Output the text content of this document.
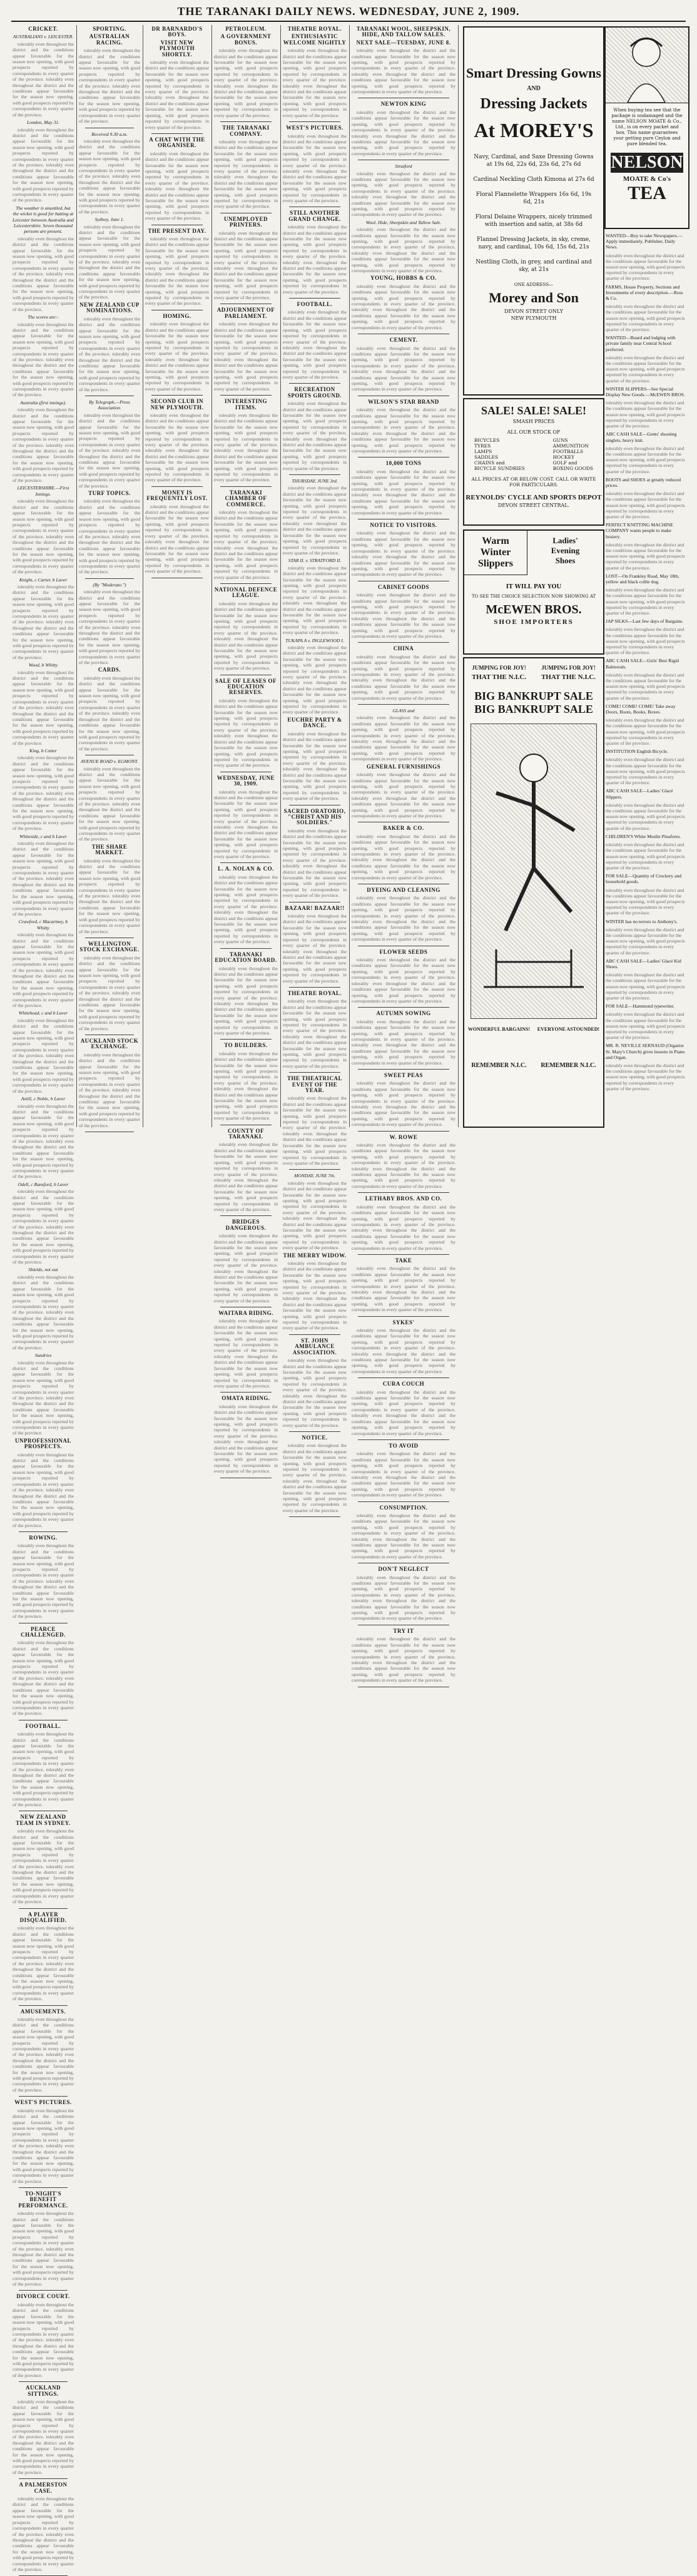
THE TARANAKI DAILY NEWS. WEDNESDAY, JUNE 2, 1909.
CRICKET.
AUSTRALIANS v. LEICESTER.

tolerably even throughout the district and the conditions appear favourable for the season now opening, with good prospects reported by correspondents in every quarter of the province. tolerably even throughout the district and the conditions appear favourable for the season now opening, with good prospects reported by correspondents in every quarter of the province.

London, May 31.

tolerably even throughout the district and the conditions appear favourable for the season now opening, with good prospects reported by correspondents in every quarter of the province. tolerably even throughout the district and the conditions appear favourable for the season now opening, with good prospects reported by correspondents in every quarter of the province.

The weather is unsettled, but the wicket is good for batting at Leicester between Australia and Leicestershire. Seven thousand persons are present.

tolerably even throughout the district and the conditions appear favourable for the season now opening, with good prospects reported by correspondents in every quarter of the province. tolerably even throughout the district and the conditions appear favourable for the season now opening, with good prospects reported by correspondents in every quarter of the province.

The scores are:-

tolerably even throughout the district and the conditions appear favourable for the season now opening, with good prospects reported by correspondents in every quarter of the province. tolerably even throughout the district and the conditions appear favourable for the season now opening, with good prospects reported by correspondents in every quarter of the province.

Australia (first innings).

tolerably even throughout the district and the conditions appear favourable for the season now opening, with good prospects reported by correspondents in every quarter of the province. tolerably even throughout the district and the conditions appear favourable for the season now opening, with good prospects reported by correspondents in every quarter of the province.

LEICESTERSHIRE.—First Innings.

tolerably even throughout the district and the conditions appear favourable for the season now opening, with good prospects reported by correspondents in every quarter of the province. tolerably even throughout the district and the conditions appear favourable for the season now opening, with good prospects reported by correspondents in every quarter of the province.

Knight, c Carter, b Laver

tolerably even throughout the district and the conditions appear favourable for the season now opening, with good prospects reported by correspondents in every quarter of the province. tolerably even throughout the district and the conditions appear favourable for the season now opening, with good prospects reported by correspondents in every quarter of the province.

Wood, b Whitty

tolerably even throughout the district and the conditions appear favourable for the season now opening, with good prospects reported by correspondents in every quarter of the province. tolerably even throughout the district and the conditions appear favourable for the season now opening, with good prospects reported by correspondents in every quarter of the province.

King, b Cotter

tolerably even throughout the district and the conditions appear favourable for the season now opening, with good prospects reported by correspondents in every quarter of the province. tolerably even throughout the district and the conditions appear favourable for the season now opening, with good prospects reported by correspondents in every quarter of the province.

Whiteside, c and b Laver

tolerably even throughout the district and the conditions appear favourable for the season now opening, with good prospects reported by correspondents in every quarter of the province. tolerably even throughout the district and the conditions appear favourable for the season now opening, with good prospects reported by correspondents in every quarter of the province.

Crawford, c Macartney, b Whitty

tolerably even throughout the district and the conditions appear favourable for the season now opening, with good prospects reported by correspondents in every quarter of the province. tolerably even throughout the district and the conditions appear favourable for the season now opening, with good prospects reported by correspondents in every quarter of the province.

Whitehead, c and b Laver

tolerably even throughout the district and the conditions appear favourable for the season now opening, with good prospects reported by correspondents in every quarter of the province. tolerably even throughout the district and the conditions appear favourable for the season now opening, with good prospects reported by correspondents in every quarter of the province.

Astill, c Noble, b Laver

tolerably even throughout the district and the conditions appear favourable for the season now opening, with good prospects reported by correspondents in every quarter of the province. tolerably even throughout the district and the conditions appear favourable for the season now opening, with good prospects reported by correspondents in every quarter of the province.

Odell, c Ransford, b Laver

tolerably even throughout the district and the conditions appear favourable for the season now opening, with good prospects reported by correspondents in every quarter of the province. tolerably even throughout the district and the conditions appear favourable for the season now opening, with good prospects reported by correspondents in every quarter of the province.

Shields, not out

tolerably even throughout the district and the conditions appear favourable for the season now opening, with good prospects reported by correspondents in every quarter of the province. tolerably even throughout the district and the conditions appear favourable for the season now opening, with good prospects reported by correspondents in every quarter of the province.

Sundries

tolerably even throughout the district and the conditions appear favourable for the season now opening, with good prospects reported by correspondents in every quarter of the province. tolerably even throughout the district and the conditions appear favourable for the season now opening, with good prospects reported by correspondents in every quarter of the province.

UNPROFESSIONAL PROSPECTS.

tolerably even throughout the district and the conditions appear favourable for the season now opening, with good prospects reported by correspondents in every quarter of the province. tolerably even throughout the district and the conditions appear favourable for the season now opening, with good prospects reported by correspondents in every quarter of the province.

ROWING.

tolerably even throughout the district and the conditions appear favourable for the season now opening, with good prospects reported by correspondents in every quarter of the province. tolerably even throughout the district and the conditions appear favourable for the season now opening, with good prospects reported by correspondents in every quarter of the province.

PEARCE CHALLENGED.

tolerably even throughout the district and the conditions appear favourable for the season now opening, with good prospects reported by correspondents in every quarter of the province. tolerably even throughout the district and the conditions appear favourable for the season now opening, with good prospects reported by correspondents in every quarter of the province.

FOOTBALL.

tolerably even throughout the district and the conditions appear favourable for the season now opening, with good prospects reported by correspondents in every quarter of the province. tolerably even throughout the district and the conditions appear favourable for the season now opening, with good prospects reported by correspondents in every quarter of the province.

NEW ZEALAND TEAM IN SYDNEY.

tolerably even throughout the district and the conditions appear favourable for the season now opening, with good prospects reported by correspondents in every quarter of the province. tolerably even throughout the district and the conditions appear favourable for the season now opening, with good prospects reported by correspondents in every quarter of the province.

A PLAYER DISQUALIFIED.

tolerably even throughout the district and the conditions appear favourable for the season now opening, with good prospects reported by correspondents in every quarter of the province. tolerably even throughout the district and the conditions appear favourable for the season now opening, with good prospects reported by correspondents in every quarter of the province.

AMUSEMENTS.

tolerably even throughout the district and the conditions appear favourable for the season now opening, with good prospects reported by correspondents in every quarter of the province. tolerably even throughout the district and the conditions appear favourable for the season now opening, with good prospects reported by correspondents in every quarter of the province.

WEST'S PICTURES.

tolerably even throughout the district and the conditions appear favourable for the season now opening, with good prospects reported by correspondents in every quarter of the province. tolerably even throughout the district and the conditions appear favourable for the season now opening, with good prospects reported by correspondents in every quarter of the province.

TO-NIGHT'S BENEFIT PERFORMANCE.

tolerably even throughout the district and the conditions appear favourable for the season now opening, with good prospects reported by correspondents in every quarter of the province. tolerably even throughout the district and the conditions appear favourable for the season now opening, with good prospects reported by correspondents in every quarter of the province.

DIVORCE COURT.

tolerably even throughout the district and the conditions appear favourable for the season now opening, with good prospects reported by correspondents in every quarter of the province. tolerably even throughout the district and the conditions appear favourable for the season now opening, with good prospects reported by correspondents in every quarter of the province.

AUCKLAND SITTINGS.

tolerably even throughout the district and the conditions appear favourable for the season now opening, with good prospects reported by correspondents in every quarter of the province. tolerably even throughout the district and the conditions appear favourable for the season now opening, with good prospects reported by correspondents in every quarter of the province.

A PALMERSTON CASE.

tolerably even throughout the district and the conditions appear favourable for the season now opening, with good prospects reported by correspondents in every quarter of the province. tolerably even throughout the district and the conditions appear favourable for the season now opening, with good prospects reported by correspondents in every quarter of the province.

SPORTING.
AUSTRALIAN RACING.

tolerably even throughout the district and the conditions appear favourable for the season now opening, with good prospects reported by correspondents in every quarter of the province. tolerably even throughout the district and the conditions appear favourable for the season now opening, with good prospects reported by correspondents in every quarter of the province.

Received 9.30 a.m.

tolerably even throughout the district and the conditions appear favourable for the season now opening, with good prospects reported by correspondents in every quarter of the province. tolerably even throughout the district and the conditions appear favourable for the season now opening, with good prospects reported by correspondents in every quarter of the province.

Sydney, June 1.

tolerably even throughout the district and the conditions appear favourable for the season now opening, with good prospects reported by correspondents in every quarter of the province. tolerably even throughout the district and the conditions appear favourable for the season now opening, with good prospects reported by correspondents in every quarter of the province.

NEW ZEALAND CUP NOMINATIONS.

tolerably even throughout the district and the conditions appear favourable for the season now opening, with good prospects reported by correspondents in every quarter of the province. tolerably even throughout the district and the conditions appear favourable for the season now opening, with good prospects reported by correspondents in every quarter of the province.

By Telegraph.—Press Association.

tolerably even throughout the district and the conditions appear favourable for the season now opening, with good prospects reported by correspondents in every quarter of the province. tolerably even throughout the district and the conditions appear favourable for the season now opening, with good prospects reported by correspondents in every quarter of the province.

TURF TOPICS.

tolerably even throughout the district and the conditions appear favourable for the season now opening, with good prospects reported by correspondents in every quarter of the province. tolerably even throughout the district and the conditions appear favourable for the season now opening, with good prospects reported by correspondents in every quarter of the province.

(By "Moderato.")

tolerably even throughout the district and the conditions appear favourable for the season now opening, with good prospects reported by correspondents in every quarter of the province. tolerably even throughout the district and the conditions appear favourable for the season now opening, with good prospects reported by correspondents in every quarter of the province.

CARDS.

tolerably even throughout the district and the conditions appear favourable for the season now opening, with good prospects reported by correspondents in every quarter of the province. tolerably even throughout the district and the conditions appear favourable for the season now opening, with good prospects reported by correspondents in every quarter of the province.

AVENUE ROAD v. EGMONT.

tolerably even throughout the district and the conditions appear favourable for the season now opening, with good prospects reported by correspondents in every quarter of the province. tolerably even throughout the district and the conditions appear favourable for the season now opening, with good prospects reported by correspondents in every quarter of the province.

THE SHARE MARKET.

tolerably even throughout the district and the conditions appear favourable for the season now opening, with good prospects reported by correspondents in every quarter of the province. tolerably even throughout the district and the conditions appear favourable for the season now opening, with good prospects reported by correspondents in every quarter of the province.

WELLINGTON STOCK EXCHANGE.

tolerably even throughout the district and the conditions appear favourable for the season now opening, with good prospects reported by correspondents in every quarter of the province. tolerably even throughout the district and the conditions appear favourable for the season now opening, with good prospects reported by correspondents in every quarter of the province.

AUCKLAND STOCK EXCHANGE.

tolerably even throughout the district and the conditions appear favourable for the season now opening, with good prospects reported by correspondents in every quarter of the province. tolerably even throughout the district and the conditions appear favourable for the season now opening, with good prospects reported by correspondents in every quarter of the province.

DR BARNARDO'S BOYS.
VISIT NEW PLYMOUTH SHORTLY.

tolerably even throughout the district and the conditions appear favourable for the season now opening, with good prospects reported by correspondents in every quarter of the province. tolerably even throughout the district and the conditions appear favourable for the season now opening, with good prospects reported by correspondents in every quarter of the province.

A CHAT WITH THE ORGANISER.

tolerably even throughout the district and the conditions appear favourable for the season now opening, with good prospects reported by correspondents in every quarter of the province. tolerably even throughout the district and the conditions appear favourable for the season now opening, with good prospects reported by correspondents in every quarter of the province.

THE PRESENT DAY.

tolerably even throughout the district and the conditions appear favourable for the season now opening, with good prospects reported by correspondents in every quarter of the province. tolerably even throughout the district and the conditions appear favourable for the season now opening, with good prospects reported by correspondents in every quarter of the province.

HOMING.

tolerably even throughout the district and the conditions appear favourable for the season now opening, with good prospects reported by correspondents in every quarter of the province. tolerably even throughout the district and the conditions appear favourable for the season now opening, with good prospects reported by correspondents in every quarter of the province.

SECOND CLUB IN NEW PLYMOUTH.

tolerably even throughout the district and the conditions appear favourable for the season now opening, with good prospects reported by correspondents in every quarter of the province. tolerably even throughout the district and the conditions appear favourable for the season now opening, with good prospects reported by correspondents in every quarter of the province.

MONEY IS FREQUENTLY LOST.

tolerably even throughout the district and the conditions appear favourable for the season now opening, with good prospects reported by correspondents in every quarter of the province. tolerably even throughout the district and the conditions appear favourable for the season now opening, with good prospects reported by correspondents in every quarter of the province.

PETROLEUM.
A GOVERNMENT BONUS.

tolerably even throughout the district and the conditions appear favourable for the season now opening, with good prospects reported by correspondents in every quarter of the province. tolerably even throughout the district and the conditions appear favourable for the season now opening, with good prospects reported by correspondents in every quarter of the province.

THE TARANAKI COMPANY.

tolerably even throughout the district and the conditions appear favourable for the season now opening, with good prospects reported by correspondents in every quarter of the province. tolerably even throughout the district and the conditions appear favourable for the season now opening, with good prospects reported by correspondents in every quarter of the province.

UNEMPLOYED PRINTERS.

tolerably even throughout the district and the conditions appear favourable for the season now opening, with good prospects reported by correspondents in every quarter of the province. tolerably even throughout the district and the conditions appear favourable for the season now opening, with good prospects reported by correspondents in every quarter of the province.

ADJOURNMENT OF PARLIAMENT.

tolerably even throughout the district and the conditions appear favourable for the season now opening, with good prospects reported by correspondents in every quarter of the province. tolerably even throughout the district and the conditions appear favourable for the season now opening, with good prospects reported by correspondents in every quarter of the province.

INTERESTING ITEMS.

tolerably even throughout the district and the conditions appear favourable for the season now opening, with good prospects reported by correspondents in every quarter of the province. tolerably even throughout the district and the conditions appear favourable for the season now opening, with good prospects reported by correspondents in every quarter of the province.

TARANAKI CHAMBER OF COMMERCE.

tolerably even throughout the district and the conditions appear favourable for the season now opening, with good prospects reported by correspondents in every quarter of the province. tolerably even throughout the district and the conditions appear favourable for the season now opening, with good prospects reported by correspondents in every quarter of the province.

NATIONAL DEFENCE LEAGUE.

tolerably even throughout the district and the conditions appear favourable for the season now opening, with good prospects reported by correspondents in every quarter of the province. tolerably even throughout the district and the conditions appear favourable for the season now opening, with good prospects reported by correspondents in every quarter of the province.

SALE OF LEASES OF EDUCATION RESERVES.

tolerably even throughout the district and the conditions appear favourable for the season now opening, with good prospects reported by correspondents in every quarter of the province. tolerably even throughout the district and the conditions appear favourable for the season now opening, with good prospects reported by correspondents in every quarter of the province.

WEDNESDAY, JUNE 30, 1909.

tolerably even throughout the district and the conditions appear favourable for the season now opening, with good prospects reported by correspondents in every quarter of the province. tolerably even throughout the district and the conditions appear favourable for the season now opening, with good prospects reported by correspondents in every quarter of the province.

L. A. NOLAN & CO.

tolerably even throughout the district and the conditions appear favourable for the season now opening, with good prospects reported by correspondents in every quarter of the province. tolerably even throughout the district and the conditions appear favourable for the season now opening, with good prospects reported by correspondents in every quarter of the province.

TARANAKI EDUCATION BOARD.

tolerably even throughout the district and the conditions appear favourable for the season now opening, with good prospects reported by correspondents in every quarter of the province. tolerably even throughout the district and the conditions appear favourable for the season now opening, with good prospects reported by correspondents in every quarter of the province.

TO BUILDERS.

tolerably even throughout the district and the conditions appear favourable for the season now opening, with good prospects reported by correspondents in every quarter of the province. tolerably even throughout the district and the conditions appear favourable for the season now opening, with good prospects reported by correspondents in every quarter of the province.

COUNTY OF TARANAKI.

tolerably even throughout the district and the conditions appear favourable for the season now opening, with good prospects reported by correspondents in every quarter of the province. tolerably even throughout the district and the conditions appear favourable for the season now opening, with good prospects reported by correspondents in every quarter of the province.

BRIDGES DANGEROUS.

tolerably even throughout the district and the conditions appear favourable for the season now opening, with good prospects reported by correspondents in every quarter of the province. tolerably even throughout the district and the conditions appear favourable for the season now opening, with good prospects reported by correspondents in every quarter of the province.

WAITARA RIDING.

tolerably even throughout the district and the conditions appear favourable for the season now opening, with good prospects reported by correspondents in every quarter of the province. tolerably even throughout the district and the conditions appear favourable for the season now opening, with good prospects reported by correspondents in every quarter of the province.

OMATA RIDING.

tolerably even throughout the district and the conditions appear favourable for the season now opening, with good prospects reported by correspondents in every quarter of the province. tolerably even throughout the district and the conditions appear favourable for the season now opening, with good prospects reported by correspondents in every quarter of the province.

THEATRE ROYAL.
ENTHUSIASTIC WELCOME NIGHTLY

tolerably even throughout the district and the conditions appear favourable for the season now opening, with good prospects reported by correspondents in every quarter of the province. tolerably even throughout the district and the conditions appear favourable for the season now opening, with good prospects reported by correspondents in every quarter of the province.

WEST'S PICTURES.

tolerably even throughout the district and the conditions appear favourable for the season now opening, with good prospects reported by correspondents in every quarter of the province. tolerably even throughout the district and the conditions appear favourable for the season now opening, with good prospects reported by correspondents in every quarter of the province.

STILL ANOTHER GRAND CHANGE.

tolerably even throughout the district and the conditions appear favourable for the season now opening, with good prospects reported by correspondents in every quarter of the province. tolerably even throughout the district and the conditions appear favourable for the season now opening, with good prospects reported by correspondents in every quarter of the province.

FOOTBALL.

tolerably even throughout the district and the conditions appear favourable for the season now opening, with good prospects reported by correspondents in every quarter of the province. tolerably even throughout the district and the conditions appear favourable for the season now opening, with good prospects reported by correspondents in every quarter of the province.

RECREATION SPORTS GROUND.

tolerably even throughout the district and the conditions appear favourable for the season now opening, with good prospects reported by correspondents in every quarter of the province. tolerably even throughout the district and the conditions appear favourable for the season now opening, with good prospects reported by correspondents in every quarter of the province.

THURSDAY, JUNE 3rd.

tolerably even throughout the district and the conditions appear favourable for the season now opening, with good prospects reported by correspondents in every quarter of the province. tolerably even throughout the district and the conditions appear favourable for the season now opening, with good prospects reported by correspondents in every quarter of the province.

STAR II. v. STRATFORD II.

tolerably even throughout the district and the conditions appear favourable for the season now opening, with good prospects reported by correspondents in every quarter of the province. tolerably even throughout the district and the conditions appear favourable for the season now opening, with good prospects reported by correspondents in every quarter of the province.

TUKAPA A v. INGLEWOOD I.

tolerably even throughout the district and the conditions appear favourable for the season now opening, with good prospects reported by correspondents in every quarter of the province. tolerably even throughout the district and the conditions appear favourable for the season now opening, with good prospects reported by correspondents in every quarter of the province.

EUCHRE PARTY & DANCE.

tolerably even throughout the district and the conditions appear favourable for the season now opening, with good prospects reported by correspondents in every quarter of the province. tolerably even throughout the district and the conditions appear favourable for the season now opening, with good prospects reported by correspondents in every quarter of the province.

SACRED ORATORIO, "CHRIST AND HIS SOLDIERS."

tolerably even throughout the district and the conditions appear favourable for the season now opening, with good prospects reported by correspondents in every quarter of the province. tolerably even throughout the district and the conditions appear favourable for the season now opening, with good prospects reported by correspondents in every quarter of the province.

BAZAAR! BAZAAR!!

tolerably even throughout the district and the conditions appear favourable for the season now opening, with good prospects reported by correspondents in every quarter of the province. tolerably even throughout the district and the conditions appear favourable for the season now opening, with good prospects reported by correspondents in every quarter of the province.

THEATRE ROYAL.

tolerably even throughout the district and the conditions appear favourable for the season now opening, with good prospects reported by correspondents in every quarter of the province. tolerably even throughout the district and the conditions appear favourable for the season now opening, with good prospects reported by correspondents in every quarter of the province.

THE THEATRICAL EVENT OF THE YEAR.

tolerably even throughout the district and the conditions appear favourable for the season now opening, with good prospects reported by correspondents in every quarter of the province. tolerably even throughout the district and the conditions appear favourable for the season now opening, with good prospects reported by correspondents in every quarter of the province.

MONDAY, JUNE 7th.

tolerably even throughout the district and the conditions appear favourable for the season now opening, with good prospects reported by correspondents in every quarter of the province. tolerably even throughout the district and the conditions appear favourable for the season now opening, with good prospects reported by correspondents in every quarter of the province.

THE MERRY WIDOW.

tolerably even throughout the district and the conditions appear favourable for the season now opening, with good prospects reported by correspondents in every quarter of the province. tolerably even throughout the district and the conditions appear favourable for the season now opening, with good prospects reported by correspondents in every quarter of the province.

ST. JOHN AMBULANCE ASSOCIATION.

tolerably even throughout the district and the conditions appear favourable for the season now opening, with good prospects reported by correspondents in every quarter of the province. tolerably even throughout the district and the conditions appear favourable for the season now opening, with good prospects reported by correspondents in every quarter of the province.

NOTICE.

tolerably even throughout the district and the conditions appear favourable for the season now opening, with good prospects reported by correspondents in every quarter of the province. tolerably even throughout the district and the conditions appear favourable for the season now opening, with good prospects reported by correspondents in every quarter of the province.

TARANAKI WOOL, SHEEPSKIN, HIDE, AND TALLOW SALES.
NEXT SALE—TUESDAY, JUNE 8.

tolerably even throughout the district and the conditions appear favourable for the season now opening, with good prospects reported by correspondents in every quarter of the province. tolerably even throughout the district and the conditions appear favourable for the season now opening, with good prospects reported by correspondents in every quarter of the province.

NEWTON KING

tolerably even throughout the district and the conditions appear favourable for the season now opening, with good prospects reported by correspondents in every quarter of the province. tolerably even throughout the district and the conditions appear favourable for the season now opening, with good prospects reported by correspondents in every quarter of the province.

Stratford

tolerably even throughout the district and the conditions appear favourable for the season now opening, with good prospects reported by correspondents in every quarter of the province. tolerably even throughout the district and the conditions appear favourable for the season now opening, with good prospects reported by correspondents in every quarter of the province.

Wool, Hide, Sheepskin and Tallow Sale.

tolerably even throughout the district and the conditions appear favourable for the season now opening, with good prospects reported by correspondents in every quarter of the province. tolerably even throughout the district and the conditions appear favourable for the season now opening, with good prospects reported by correspondents in every quarter of the province.

YOUNG, HOBBS & CO.

tolerably even throughout the district and the conditions appear favourable for the season now opening, with good prospects reported by correspondents in every quarter of the province. tolerably even throughout the district and the conditions appear favourable for the season now opening, with good prospects reported by correspondents in every quarter of the province.

CEMENT.

tolerably even throughout the district and the conditions appear favourable for the season now opening, with good prospects reported by correspondents in every quarter of the province. tolerably even throughout the district and the conditions appear favourable for the season now opening, with good prospects reported by correspondents in every quarter of the province.

WILSON'S STAR BRAND

tolerably even throughout the district and the conditions appear favourable for the season now opening, with good prospects reported by correspondents in every quarter of the province. tolerably even throughout the district and the conditions appear favourable for the season now opening, with good prospects reported by correspondents in every quarter of the province.

10,000 TONS

tolerably even throughout the district and the conditions appear favourable for the season now opening, with good prospects reported by correspondents in every quarter of the province. tolerably even throughout the district and the conditions appear favourable for the season now opening, with good prospects reported by correspondents in every quarter of the province.

NOTICE TO VISITORS.

tolerably even throughout the district and the conditions appear favourable for the season now opening, with good prospects reported by correspondents in every quarter of the province. tolerably even throughout the district and the conditions appear favourable for the season now opening, with good prospects reported by correspondents in every quarter of the province.

CABINET GOODS

tolerably even throughout the district and the conditions appear favourable for the season now opening, with good prospects reported by correspondents in every quarter of the province. tolerably even throughout the district and the conditions appear favourable for the season now opening, with good prospects reported by correspondents in every quarter of the province.

CHINA

tolerably even throughout the district and the conditions appear favourable for the season now opening, with good prospects reported by correspondents in every quarter of the province. tolerably even throughout the district and the conditions appear favourable for the season now opening, with good prospects reported by correspondents in every quarter of the province.

GLASS and

tolerably even throughout the district and the conditions appear favourable for the season now opening, with good prospects reported by correspondents in every quarter of the province. tolerably even throughout the district and the conditions appear favourable for the season now opening, with good prospects reported by correspondents in every quarter of the province.

GENERAL FURNISHINGS

tolerably even throughout the district and the conditions appear favourable for the season now opening, with good prospects reported by correspondents in every quarter of the province. tolerably even throughout the district and the conditions appear favourable for the season now opening, with good prospects reported by correspondents in every quarter of the province.

BAKER & CO.

tolerably even throughout the district and the conditions appear favourable for the season now opening, with good prospects reported by correspondents in every quarter of the province. tolerably even throughout the district and the conditions appear favourable for the season now opening, with good prospects reported by correspondents in every quarter of the province.

DYEING AND CLEANING

tolerably even throughout the district and the conditions appear favourable for the season now opening, with good prospects reported by correspondents in every quarter of the province. tolerably even throughout the district and the conditions appear favourable for the season now opening, with good prospects reported by correspondents in every quarter of the province.

FLOWER SEEDS

tolerably even throughout the district and the conditions appear favourable for the season now opening, with good prospects reported by correspondents in every quarter of the province. tolerably even throughout the district and the conditions appear favourable for the season now opening, with good prospects reported by correspondents in every quarter of the province.

AUTUMN SOWING

tolerably even throughout the district and the conditions appear favourable for the season now opening, with good prospects reported by correspondents in every quarter of the province. tolerably even throughout the district and the conditions appear favourable for the season now opening, with good prospects reported by correspondents in every quarter of the province.

SWEET PEAS

tolerably even throughout the district and the conditions appear favourable for the season now opening, with good prospects reported by correspondents in every quarter of the province. tolerably even throughout the district and the conditions appear favourable for the season now opening, with good prospects reported by correspondents in every quarter of the province.

W. ROWE

tolerably even throughout the district and the conditions appear favourable for the season now opening, with good prospects reported by correspondents in every quarter of the province. tolerably even throughout the district and the conditions appear favourable for the season now opening, with good prospects reported by correspondents in every quarter of the province.

LETHABY BROS. AND CO.

tolerably even throughout the district and the conditions appear favourable for the season now opening, with good prospects reported by correspondents in every quarter of the province. tolerably even throughout the district and the conditions appear favourable for the season now opening, with good prospects reported by correspondents in every quarter of the province.

TAKE

tolerably even throughout the district and the conditions appear favourable for the season now opening, with good prospects reported by correspondents in every quarter of the province. tolerably even throughout the district and the conditions appear favourable for the season now opening, with good prospects reported by correspondents in every quarter of the province.

SYKES'

tolerably even throughout the district and the conditions appear favourable for the season now opening, with good prospects reported by correspondents in every quarter of the province. tolerably even throughout the district and the conditions appear favourable for the season now opening, with good prospects reported by correspondents in every quarter of the province.

CURA COUCH

tolerably even throughout the district and the conditions appear favourable for the season now opening, with good prospects reported by correspondents in every quarter of the province. tolerably even throughout the district and the conditions appear favourable for the season now opening, with good prospects reported by correspondents in every quarter of the province.

TO AVOID

tolerably even throughout the district and the conditions appear favourable for the season now opening, with good prospects reported by correspondents in every quarter of the province. tolerably even throughout the district and the conditions appear favourable for the season now opening, with good prospects reported by correspondents in every quarter of the province.

CONSUMPTION.

tolerably even throughout the district and the conditions appear favourable for the season now opening, with good prospects reported by correspondents in every quarter of the province. tolerably even throughout the district and the conditions appear favourable for the season now opening, with good prospects reported by correspondents in every quarter of the province.

DON'T NEGLECT

tolerably even throughout the district and the conditions appear favourable for the season now opening, with good prospects reported by correspondents in every quarter of the province. tolerably even throughout the district and the conditions appear favourable for the season now opening, with good prospects reported by correspondents in every quarter of the province.

TRY IT

tolerably even throughout the district and the conditions appear favourable for the season now opening, with good prospects reported by correspondents in every quarter of the province. tolerably even throughout the district and the conditions appear favourable for the season now opening, with good prospects reported by correspondents in every quarter of the province.

Smart Dressing Gowns
AND
Dressing Jackets
At MOREY'S
Navy, Cardinal, and Saxe Dressing Gowns at 19s 6d, 22s 6d, 23s 6d, 27s 6d
Cardinal Neckling Cloth Kimona at 27s 6d
Floral Flannelette Wrappers 16s 6d, 19s 6d, 21s
Floral Delaine Wrappers, nicely trimmed with insertion and satin, at 38s 6d
Flannel Dressing Jackets, in sky, creme, navy, and cardinal, 10s 6d, 15s 6d, 21s
Nestling Cloth, in grey, and cardinal and sky, at 21s
ONE ADDRESS—
Morey and Son
DEVON STREET ONLY
NEW PLYMOUTH
When buying tea see that the package is undamaged and the name NELSON MOATE & Co., Ltd., is on every packet and box. This name guarantees your getting pure Ceylon and pure blended tea.
NELSON
MOATE & Co's
TEA
WANTED—Boy to take Newspapers.—Apply immediately, Publisher, Daily News.
tolerably even throughout the district and the conditions appear favourable for the season now opening, with good prospects reported by correspondents in every quarter of the province.
FARMS, House Property, Sections and Investments of every description.—Ross & Co.
tolerably even throughout the district and the conditions appear favourable for the season now opening, with good prospects reported by correspondents in every quarter of the province.
WANTED—Board and lodging with private family near Central School preferred.
tolerably even throughout the district and the conditions appear favourable for the season now opening, with good prospects reported by correspondents in every quarter of the province.
WINTER SLIPPERS—See Special Display New Goods.—McEWEN BROS.
tolerably even throughout the district and the conditions appear favourable for the season now opening, with good prospects reported by correspondents in every quarter of the province.
ABC CASH SALE—Gents' shooting singlets, heavy knit.
tolerably even throughout the district and the conditions appear favourable for the season now opening, with good prospects reported by correspondents in every quarter of the province.
BOOTS and SHOES at greatly reduced prices.
tolerably even throughout the district and the conditions appear favourable for the season now opening, with good prospects reported by correspondents in every quarter of the province.
PERFECT KNITTING MACHINE COMPANY wants people to make hosiery.
tolerably even throughout the district and the conditions appear favourable for the season now opening, with good prospects reported by correspondents in every quarter of the province.
LOST—On Frankley Road, May 18th, yellow and black collie dog.
tolerably even throughout the district and the conditions appear favourable for the season now opening, with good prospects reported by correspondents in every quarter of the province.
JAP SILKS—Last few days of Bargains.
tolerably even throughout the district and the conditions appear favourable for the season now opening, with good prospects reported by correspondents in every quarter of the province.
ABC CASH SALE—Girls' Best Rigid Balmorals.
tolerably even throughout the district and the conditions appear favourable for the season now opening, with good prospects reported by correspondents in every quarter of the province.
COME! COME! COME! Take away Doors, Boots, Books, Boxes.
tolerably even throughout the district and the conditions appear favourable for the season now opening, with good prospects reported by correspondents in every quarter of the province.
INSTITUTION English Bicycle.
tolerably even throughout the district and the conditions appear favourable for the season now opening, with good prospects reported by correspondents in every quarter of the province.
ABC CASH SALE—Ladies' Glacé Slippers.
tolerably even throughout the district and the conditions appear favourable for the season now opening, with good prospects reported by correspondents in every quarter of the province.
CHILDREN'S White Muslin Pinafores.
tolerably even throughout the district and the conditions appear favourable for the season now opening, with good prospects reported by correspondents in every quarter of the province.
FOR SALE—Quantity of Crockery and household goods.
tolerably even throughout the district and the conditions appear favourable for the season now opening, with good prospects reported by correspondents in every quarter of the province.
WINTER has no terrors to Anthony's.
tolerably even throughout the district and the conditions appear favourable for the season now opening, with good prospects reported by correspondents in every quarter of the province.
ABC CASH SALE—Ladies' Glacé Kid Shoes.
tolerably even throughout the district and the conditions appear favourable for the season now opening, with good prospects reported by correspondents in every quarter of the province.
FOR SALE—Hammond typewriter.
tolerably even throughout the district and the conditions appear favourable for the season now opening, with good prospects reported by correspondents in every quarter of the province.
MR. R. NEVILLE SERNAUD (Organist St. Mary's Church) gives lessons in Piano and Organ.
tolerably even throughout the district and the conditions appear favourable for the season now opening, with good prospects reported by correspondents in every quarter of the province.
SALE! SALE! SALE!
SMASH PRICES
ALL OUR STOCK OF
BICYCLES
TYRES
LAMPS
SADDLES
CHAINS and
BICYCLE SUNDRIES
GUNS
AMMUNITION
FOOTBALLS
HOCKEY
GOLF and
BOXING GOODS
ALL PRICES AT OR BELOW COST. CALL OR WRITE FOR PARTICULARS.
REYNOLDS' CYCLE AND SPORTS DEPOT
DEVON STREET CENTRAL.
Warm
Winter
Slippers
Ladies'
Evening
Shoes
IT WILL PAY YOU
TO SEE THE CHOICE SELECTION NOW SHOWING AT
McEWEN BROS.
SHOE IMPORTERS
JUMPING FOR JOY!	JUMPING FOR JOY!
THAT THE N.I.C. THAT THE N.I.C.
BIG BANKRUPT SALE
BIG BANKRUPT SALE
WONDERFUL BARGAINS! EVERYONE ASTOUNDED!
REMEMBER N.I.C. REMEMBER N.I.C.
